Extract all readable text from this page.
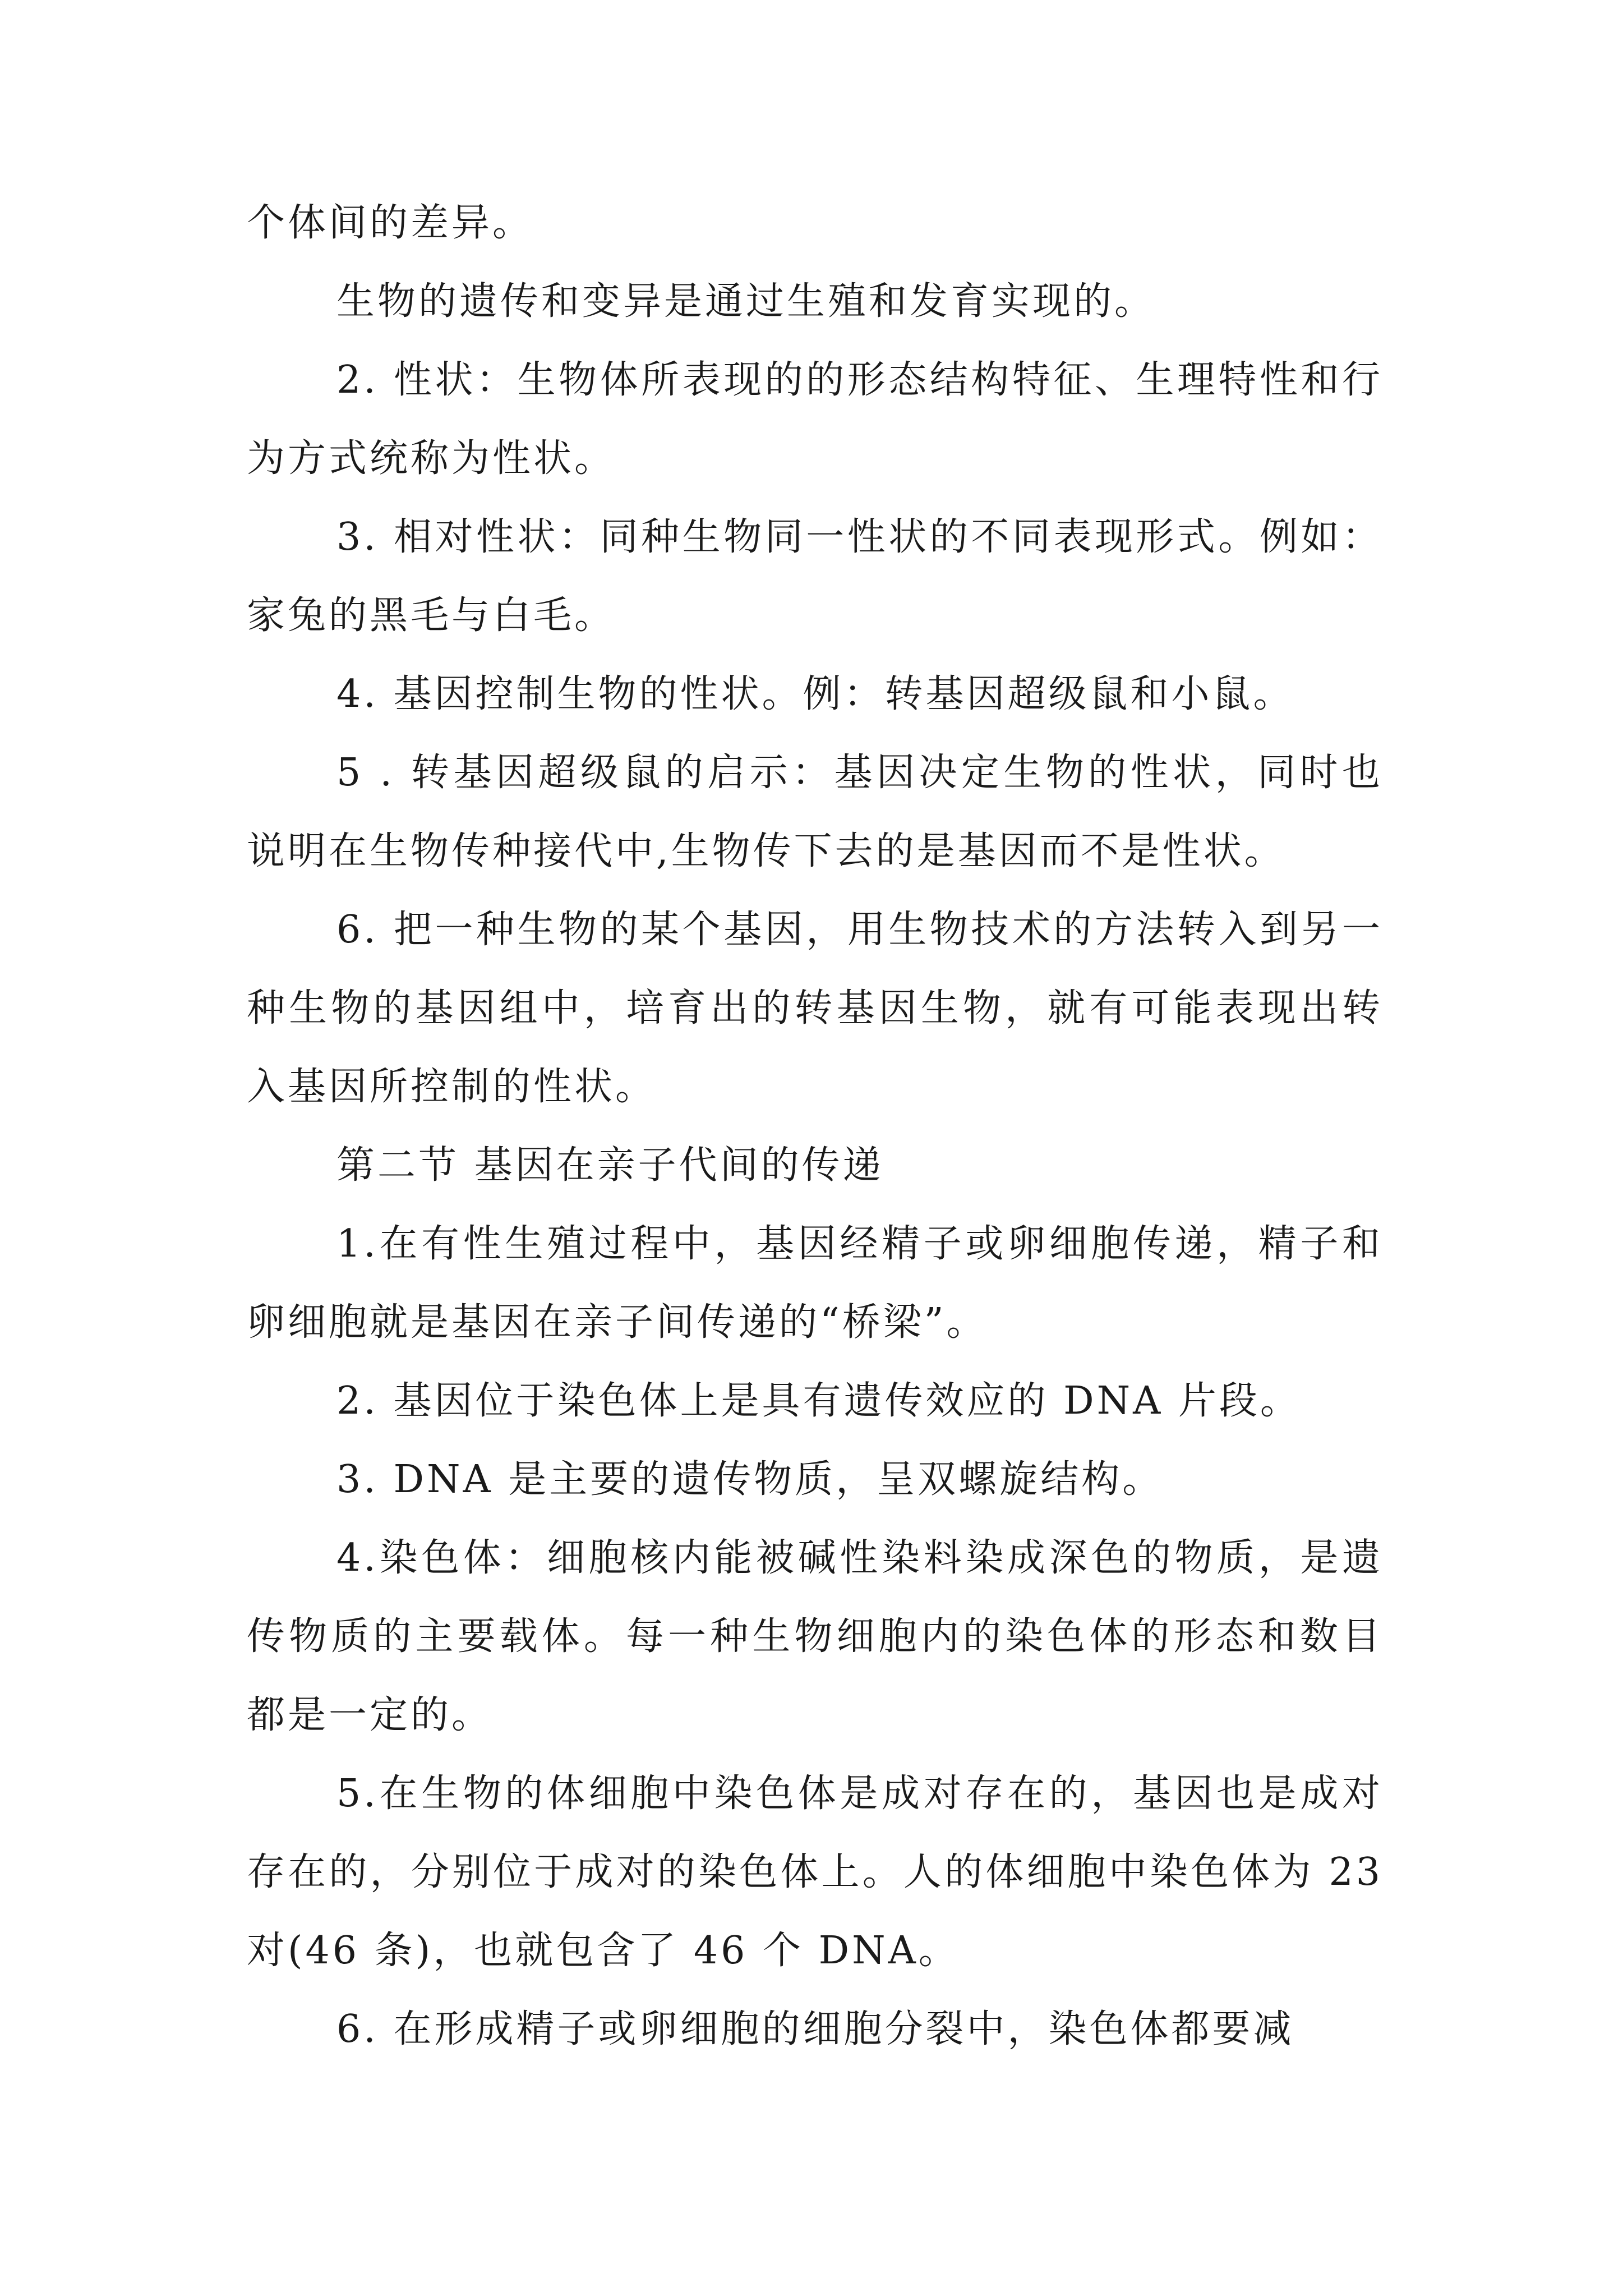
个体间的差异。

生物的遗传和变异是通过生殖和发育实现的。

2. 性状：生物体所表现的的形态结构特征、生理特性和行为方式统称为性状。

3. 相对性状：同种生物同一性状的不同表现形式。例如：家兔的黑毛与白毛。

4. 基因控制生物的性状。例：转基因超级鼠和小鼠。

5 . 转基因超级鼠的启示：基因决定生物的性状，同时也说明在生物传种接代中,生物传下去的是基因而不是性状。

6. 把一种生物的某个基因，用生物技术的方法转入到另一种生物的基因组中，培育出的转基因生物，就有可能表现出转入基因所控制的性状。

第二节 基因在亲子代间的传递

1.在有性生殖过程中，基因经精子或卵细胞传递，精子和卵细胞就是基因在亲子间传递的“桥梁”。

2. 基因位于染色体上是具有遗传效应的 DNA 片段。

3. DNA 是主要的遗传物质，呈双螺旋结构。

4.染色体：细胞核内能被碱性染料染成深色的物质，是遗传物质的主要载体。每一种生物细胞内的染色体的形态和数目都是一定的。

5.在生物的体细胞中染色体是成对存在的，基因也是成对存在的，分别位于成对的染色体上。人的体细胞中染色体为 23 对(46 条)，也就包含了 46 个 DNA。

6. 在形成精子或卵细胞的细胞分裂中，染色体都要减
